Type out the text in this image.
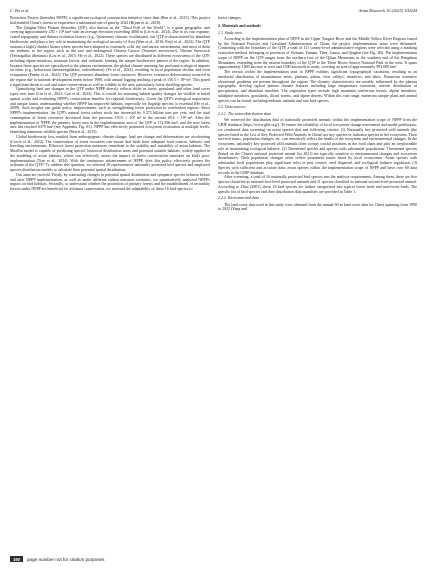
C. Bu et al.	Avian Research 16 (2025) 100244

Protection Project (hereafter NPPP), a significant ecological construction initiative since then (Ren et al., 2015). This project had enabled China's forests to experience a substantial rate of gain by 2022 (Bryan et al., 2018).

The Qinghai-Tibet Plateau (hereafter QTP), also known as the "Third Pole of the World", is a giant geographic unit covering approximately 250 × 10⁴ km² with an average elevation exceeding 4000 m (Lei et al., 2014). Due to its vast expanse, varied topography and distinct evolution history (e.g., Quaternary climatic oscillations), the QTP is characterized by abundant biodiversity and plays a key role in maintaining the ecological security of Asia (Wen et al., 2016; Feijó et al., 2022). The QTP sustains a highly distinct biome where species have adapted to extremely cold, dry and anoxic environment, and most of them are endemic to the region, such as the rare and endangered Chinese Grouse (Tetrastes sewerzowi), Tibetan Snowcock (Tetraogallus tibetanus) (Lou et al., 2015; He et al., 2022). These species are distributed in different ecosystems of the QTP, including alpine meadows, montane forests, and wetlands, forming the unique biodiversity pattern of the region. In addition, because these species are specialized to the plateau environment, the global climate warming has profound ecological impacts on them (e.g., behavioral thermoregulation, redistribution) (Ye et al., 2024), resulting in local population decline and even extirpation (Pimby et al., 2022). The QTP possesses abundant forest resources. However, extensive deforestation occurred in the region due to national development needs before 1998, with annual logging reaching a peak of 150.5 × 10⁴ m³. This posed a significant threat to soil and water conservation as well as wildlife in the area, particularly forest-dwelling species.

Quantifying land use changes in the QTP under NPPP directly reflects shifts in forest, grassland, and other land cover types over time (Liu et al., 2021; Cao et al., 2023). This is crucial for assessing habitat quality changes for wildlife at broad spatial scales and evaluating NPPP's conservation benefits for regional biodiversity. Given the QTP's ecological importance and unique fauna, understanding whether NPPP has improved habitats, especially for flagship species, is essential (He et al., 2009). Such insights can guide policy improvements, such as strengthening forest protection in overlooked regions. Since NPPP's implementation, the QTP's natural forest carbon stock has increased by 0.273 billion tons per year, and the total consumption of forest resources decreased from the previous 150.5 × 10⁴ m³ to the current 69.4 × 10⁴ m³. After the implementation of NPPP, the primary forest area in the implementation area of the QTP is 172,396 km², and the new forest area has reached 6379 km² (see Appendix Fig. S1). NPPP has effectively promoted ecosystem restoration at multiple levels, benefiting numerous wildlife species (Ren et al., 2015).

Global biodiversity loss resulted from anthropogenic climate change, land use change and deforestation are accelerating (Cowie et al., 2022). The conservation of forest resources can ensure that birds have adequate food sources, habitats, and breeding environments. Effective forest protection measures contribute to the stability and suitability of avian habitats. The MaxEnt model is capable of predicting species' historical distribution areas and potential suitable habitats, widely applied in the modeling of avian habitats, which can effectively assess the impact of forest conservation measures on bird's post-implementation (Tian et al., 2024). With the continuous advancement of NPPP, does this policy effectively protect the avifauna of the QTP? To address this question, we selected 16 representative nationally protected bird species and employed species distribution models to calculate their potential spatial distribution.

Our aims are twofold. Firstly, by contrasting changes in potential spatial distribution and sympatric species richness before and after NPPP implementation, as well as under different carbon emission scenarios, we quantitatively analyzed NPPP's impact on bird habitats. Secondly, to understand whether the protection of primary forests and the establishment of secondary forests under NPPP are beneficial for avifauna conservation, we assessed the adaptability of these 16 bird species to

forest changes.

2. Materials and methods
2.1. Study area

According to the implementation plan of NPPP in the Upper Yangtze River and the Middle Yellow River Regions issued by the National Forestry and Grassland Administration of China, the project implementation areas were delineated. Combining with the boundary of the QTP, a total of 111 county-level administrative regions were selected using a masking extraction method, belonging to provinces of Sichuan, Yunnan, Tibet, Gansu, and Qinghai (see Fig. 1B). The implementation scope of NPPP on the QTP ranges from the northern foot of the Qilian Mountains to the southern end of the Hengduan Mountains, extending from the eastern boundary of the QTP to the Three Rivers Source National Park in the west. It spans approximately 1000 km east to west and 1500 km north to south, covering an area of approximately 993,000 km².

The terrain within the implementation area of NPPP exhibits significant topographical variations, resulting in an interlaced distribution of mountainous areas, plateaus, plains, river valleys, meadows, and lakes. Numerous extensive elevational gradients are present throughout the region. The climatic characteristics are notably influenced by the plateau topography, develop typical plateau climate features including large temperature variations, uneven distribution of precipitation, and abundant sunshine. The vegetation types include high mountain coniferous forests, alpine meadows, subalpine meadows, grasslands, dwarf forests, and alpine deserts. Within this vast range, numerous unique plant and animal species can be found, including endemic animals and rare bird species.

2.2. Data sources
2.2.1. The avian distribution data

We retrieved the distribution data of nationally protected animals within the implementation scope of NPPP from the GBIF database (https://www.gbif.org/). To ensure the reliability of local ecosystem change assessment and model predictions, we conducted data screening on avian species that met following criteria: (1) Nationally key protected wild animals (the species listed in the List of Key Protected Wild Animals in China) are key species or indicator species in the ecosystem. Their survival status, population changes, etc. can sensitively reflect the health of the ecosystem and environmental changes. In the ecosystem, nationally key protected wild animals often occupy crucial positions in the food chain and play an irreplaceable role in maintaining ecological balance. (2) Threatened species and species with substantial populations: Threatened species (based on the China's national protected animal list 2021) are typically sensitive to environmental changes and ecosystem disturbances. Their population changes often reflect prominent issues faced by local ecosystems. Avian species with substantial local populations play significant roles in pest control, seed dispersal, and ecological balance regulation. (3) Species with sufficient and accurate data: avian species within the implementation scope of NPPP and have over 60 data records in the GBIF database.

After screening, a total of 16 nationally protected bird species met the analysis requirements. Among them, there are five species classified as national first-level protected animals and 11 species classified as national second-level protected animal. According to Zhao (2001), these 16 bird species are further categorized into typical forest birds and non-forest birds. The specific list of bird species and their distribution data quantities are provided in Table 1.

2.2.2. Environmental data

The land cover data used in this study were obtained from the annual 30-m land cover data for China spanning from 1990 to 2022 (Yang and

160	page number not for citation purposes
